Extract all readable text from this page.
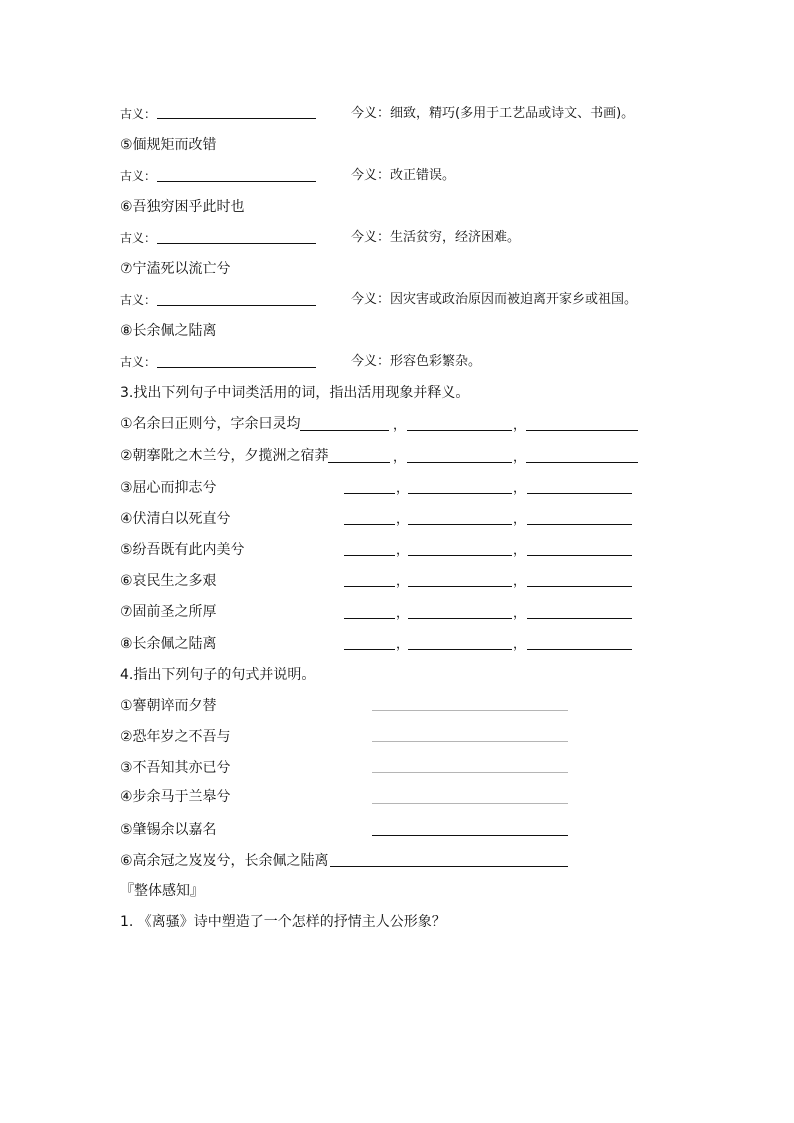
古义：	今义：细致，精巧(多用于工艺品或诗文、书画)。
⑤偭规矩而改错
古义：	今义：改正错误。
⑥吾独穷困乎此时也
古义：	今义：生活贫穷，经济困难。
⑦宁溘死以流亡兮
古义：	今义：因灾害或政治原因而被迫离开家乡或祖国。
⑧长余佩之陆离
古义：	今义：形容色彩繁杂。
3.找出下列句子中词类活用的词，指出活用现象并释义。
①名余曰正则兮，字余曰灵均	，	，
②朝搴阰之木兰兮，夕揽洲之宿莽	，	，
③屈心而抑志兮	，	，
④伏清白以死直兮	，	，
⑤纷吾既有此内美兮	，	，
⑥哀民生之多艰	，	，
⑦固前圣之所厚	，	，
⑧长余佩之陆离	，	，
4.指出下列句子的句式并说明。
①謇朝谇而夕替
②恐年岁之不吾与
③不吾知其亦已兮
④步余马于兰皋兮
⑤肇锡余以嘉名
⑥高余冠之岌岌兮，长余佩之陆离
『整体感知』
1. 《离骚》诗中塑造了一个怎样的抒情主人公形象？
